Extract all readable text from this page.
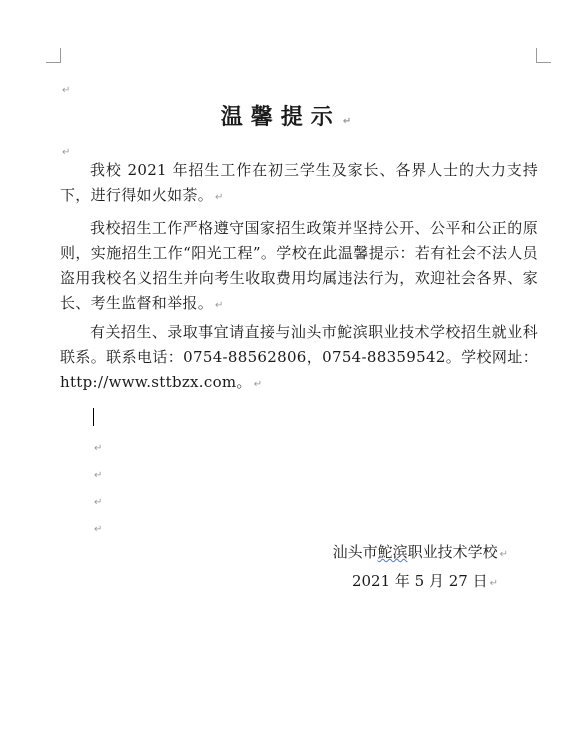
↵
温馨提示 ↵
↵
我校 2021 年招生工作在初三学生及家长、各界人士的大力支持下，进行得如火如荼。 ↵
我校招生工作严格遵守国家招生政策并坚持公开、公平和公正的原则，实施招生工作“阳光工程”。学校在此温馨提示：若有社会不法人员盗用我校名义招生并向考生收取费用均属违法行为，欢迎社会各界、家长、考生监督和举报。 ↵
有关招生、录取事宜请直接与汕头市鮀滨职业技术学校招生就业科联系。联系电话：0754-88562806，0754-88359542。学校网址：http://www.sttbzx.com。 ↵
↵
↵
↵
↵
汕头市鮀滨职业技术学校 ↵
2021 年 5 月 27 日 ↵
